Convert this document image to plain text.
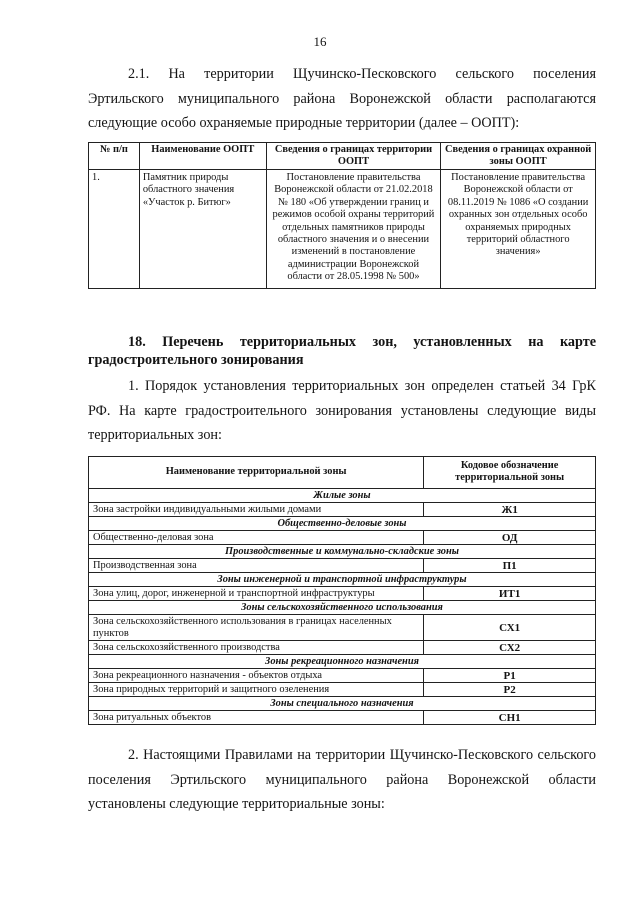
16
2.1. На территории Щучинско-Песковского сельского поселения Эртильского муниципального района Воронежской области располагаются следующие особо охраняемые природные территории (далее – ООПТ):
№ п/п	Наименование ООПТ	Сведения о границах территории ООПТ	Сведения о границах охранной зоны ООПТ
1.	Памятник природы областного значения «Участок р. Битюг»	Постановление правительства Воронежской области от 21.02.2018 № 180 «Об утверждении границ и режимов особой охраны территорий отдельных памятников природы областного значения и о внесении изменений в постановление администрации Воронежской области от 28.05.1998 № 500»	Постановление правительства Воронежской области от 08.11.2019 № 1086 «О создании охранных зон отдельных особо охраняемых природных территорий областного значения»
18. Перечень территориальных зон, установленных на карте градостроительного зонирования
1. Порядок установления территориальных зон определен статьей 34 ГрК РФ. На карте градостроительного зонирования установлены следующие виды территориальных зон:
Наименование территориальной зоны	Кодовое обозначение территориальной зоны
Жилые зоны	
Зона застройки индивидуальными жилыми домами	Ж1
Общественно-деловые зоны	
Общественно-деловая зона	ОД
Производственные и коммунально-складские зоны	
Производственная зона	П1
Зоны инженерной и транспортной инфраструктуры	
Зона улиц, дорог, инженерной и транспортной инфраструктуры	ИТ1
Зоны сельскохозяйственного использования	
Зона сельскохозяйственного использования в границах населенных пунктов	СХ1
Зона сельскохозяйственного производства	СХ2
Зоны рекреационного назначения	
Зона рекреационного назначения - объектов отдыха	Р1
Зона природных территорий и защитного озеленения	Р2
Зоны специального назначения	
Зона ритуальных объектов	СН1
2. Настоящими Правилами на территории Щучинско-Песковского сельского поселения Эртильского муниципального района Воронежской области установлены следующие территориальные зоны:
